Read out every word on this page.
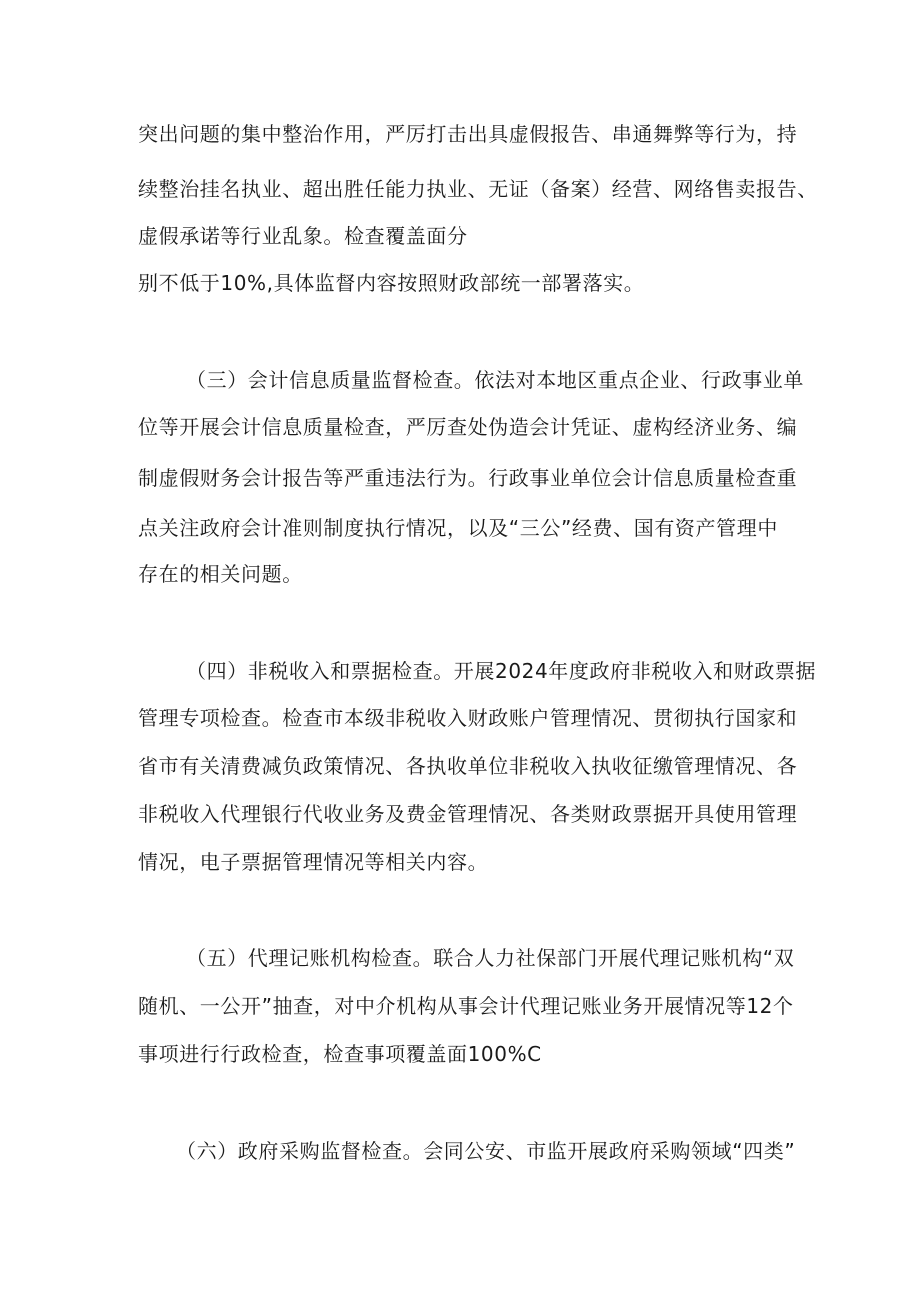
突出问题的集中整治作用，严厉打击出具虚假报告、串通舞弊等行为，持
续整治挂名执业、超出胜任能力执业、无证（备案）经营、网络售卖报告、
虚假承诺等行业乱象。检查覆盖面分
别不低于10%,具体监督内容按照财政部统一部署落实。
（三）会计信息质量监督检查。依法对本地区重点企业、行政事业单
位等开展会计信息质量检查，严厉查处伪造会计凭证、虚构经济业务、编
制虚假财务会计报告等严重违法行为。行政事业单位会计信息质量检查重
点关注政府会计准则制度执行情况，以及“三公”经费、国有资产管理中
存在的相关问题。
（四）非税收入和票据检查。开展2024年度政府非税收入和财政票据
管理专项检查。检查市本级非税收入财政账户管理情况、贯彻执行国家和
省市有关清费减负政策情况、各执收单位非税收入执收征缴管理情况、各
非税收入代理银行代收业务及费金管理情况、各类财政票据开具使用管理
情况，电子票据管理情况等相关内容。
（五）代理记账机构检查。联合人力社保部门开展代理记账机构“双
随机、一公开”抽查，对中介机构从事会计代理记账业务开展情况等12个
事项进行行政检查，检查事项覆盖面100%C
（六）政府采购监督检查。会同公安、市监开展政府采购领域“四类”
